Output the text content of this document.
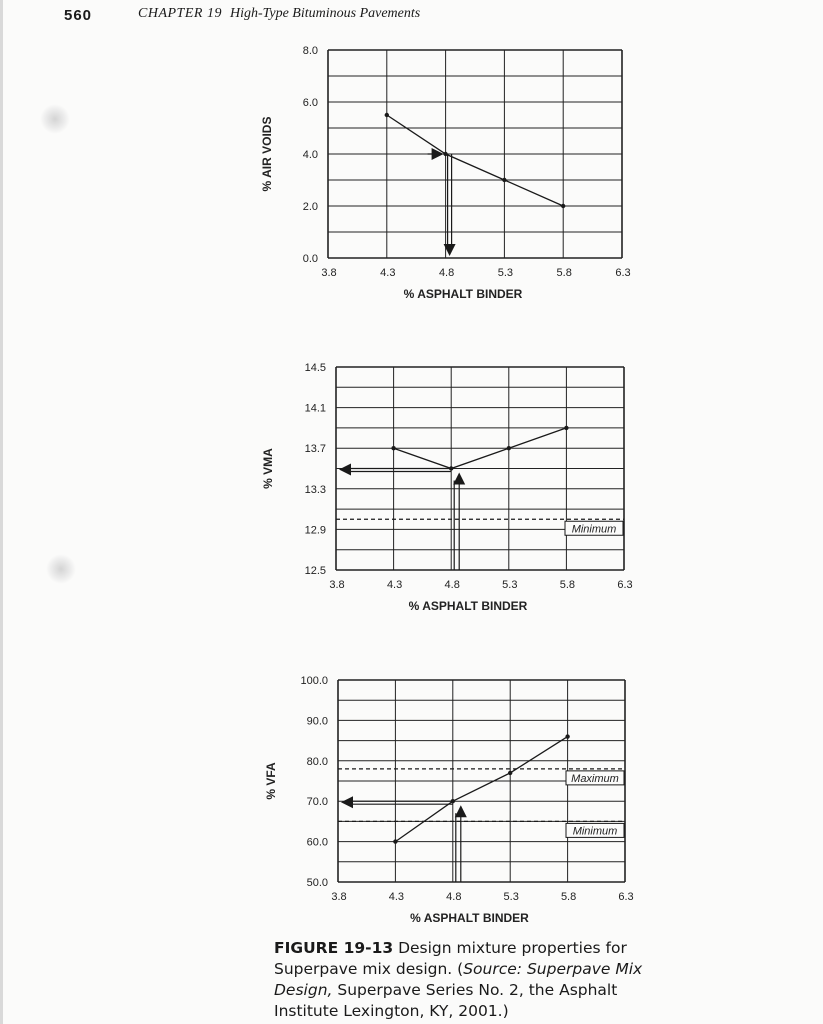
560	CHAPTER 19 High-Type Bituminous Pavements
0.0
2.0
4.0
6.0
8.0
3.8	4.3	4.8	5.3	5.8	6.3
% ASPHALT BINDER
% AIR VOIDS
12.5
12.9
13.3
13.7
14.1
14.5
3.8	4.3	4.8	5.3	5.8	6.3
% ASPHALT BINDER
% VMA
Minimum
50.0
60.0
70.0
80.0
90.0
100.0
3.8	4.3	4.8	5.3	5.8	6.3
% ASPHALT BINDER
% VFA	Maximum
Minimum
FIGURE 19-13 Design mixture properties for Superpave mix design. (Source: Superpave Mix Design, Superpave Series No. 2, the Asphalt Institute Lexington, KY, 2001.)
